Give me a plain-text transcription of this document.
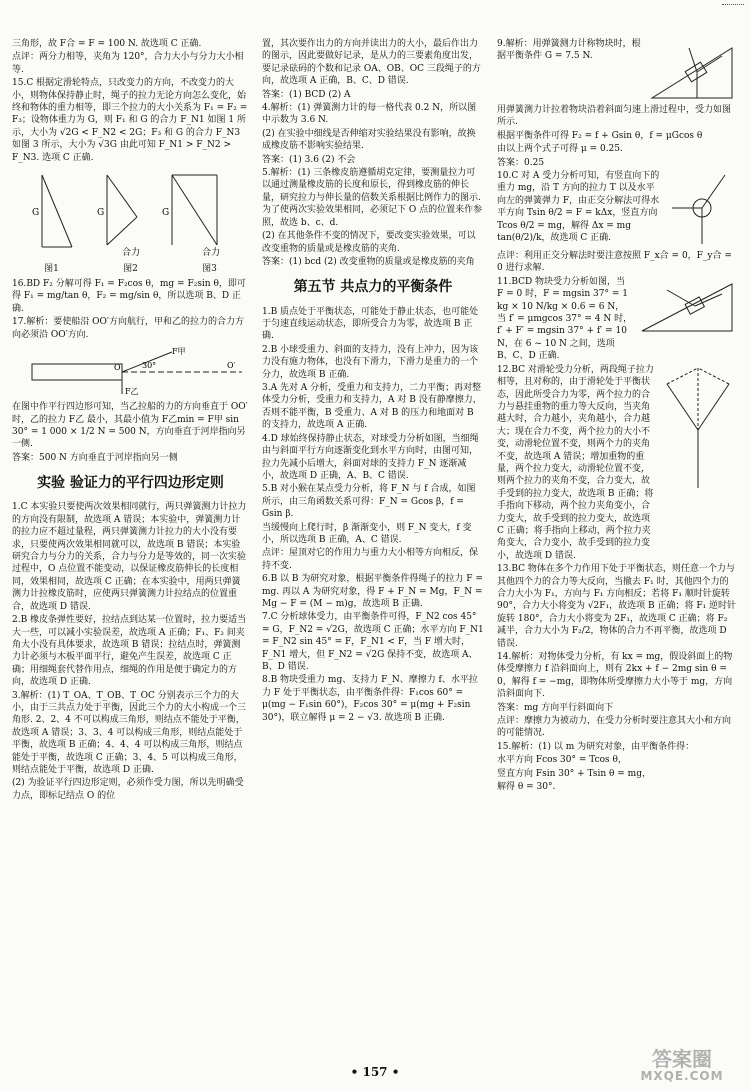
三角形，故 F合 = F = 100 N. 故选项 C 正确.

点评：两分力相等，夹角为 120°，合力大小与分力大小相等.

15.C 根据定滑轮特点，只改变力的方向，不改变力的大小，则物体保持静止时，绳子的拉力无论方向怎么变化，始终和物体的重力相等，即三个拉力的大小关系为 F₁ = F₂ = F₃；设物体重力为 G，则 F₁ 和 G 的合力 F_N1 如图 1 所示，大小为 √2G < F_N2 < 2G；F₃ 和 G 的合力 F_N3 如图 3 所示，大小为 √3G 由此可知 F_N1 > F_N2 > F_N3. 选项 C 正确.

G	G	G
合力	合力
图1	图2	图3

16.BD F₂ 分解可得 F₁ = F₂cos θ，mg = F₂sin θ，即可得 F₁ = mg/tan θ，F₂ = mg/sin θ，所以选项 B、D 正确.

17.解析：要使船沿 OO′方向航行，甲和乙的拉力的合力方向必须沿 OO′方向.

O	O′
F甲
F乙
30°

在图中作平行四边形可知，当乙拉船的力的方向垂直于 OO′时，乙的拉力 F乙 最小，其最小值为 F乙min = F甲 sin 30° = 1 000 × 1/2 N = 500 N，方向垂直于河岸指向另一侧.

答案：500 N 方向垂直于河岸指向另一侧

实验 验证力的平行四边形定则

1.C 本实验只要使两次效果相同就行，两只弹簧测力计拉力的方向没有限制，故选项 A 错误；本实验中，弹簧测力计的拉力应不超过量程，两只弹簧测力计拉力的大小没有要求，只要使两次效果相同就可以，故选项 B 错误；本实验研究合力与分力的关系，合力与分力是等效的，同一次实验过程中，O 点位置不能变动，以保证橡皮筋伸长的长度相同，效果相同，故选项 C 正确；在本实验中，用两只弹簧测力计拉橡皮筋时，应使两只弹簧测力计拉结点的位置重合，故选项 D 错误.

2.B 橡皮条弹性要好，拉结点到达某一位置时，拉力要适当大一些，可以减小实验误差，故选项 A 正确；F₁、F₂ 间夹角大小没有具体要求，故选项 B 错误；拉结点时，弹簧测力计必须与木板平面平行，避免产生误差，故选项 C 正确；用细绳套代替作用点，细绳的作用是便于确定力的方向，故选项 D 正确.

3.解析：(1) T_OA、T_OB、T_OC 分别表示三个力的大小，由于三共点力处于平衡，因此三个力的大小构成一个三角形. 2、2、4 不可以构成三角形，则结点不能处于平衡，故选项 A 错误；3、3、4 可以构成三角形，则结点能处于平衡，故选项 B 正确；4、4、4 可以构成三角形，则结点能处于平衡，故选项 C 正确；3、4、5 可以构成三角形，则结点能处于平衡，故选项 D 正确.

(2) 为验证平行四边形定则，必须作受力图，所以先明确受力点，即标记结点 O 的位

置，其次要作出力的方向并读出力的大小，最后作出力的图示，因此要做好记录，是从力的三要素角度出发，要记录砝码的个数和记录 OA、OB、OC 三段绳子的方向，故选项 A 正确，B、C、D 错误.

答案：(1) BCD (2) A

4.解析：(1) 弹簧测力计的每一格代表 0.2 N，所以图中示数为 3.6 N.

(2) 在实验中细线是否伸缩对实验结果没有影响，故换成橡皮筋不影响实验结果.

答案：(1) 3.6 (2) 不会

5.解析：(1) 三条橡皮筋遵循胡克定律，要测量拉力可以通过测量橡皮筋的长度和原长，得到橡皮筋的伸长量，研究拉力与伸长量的倍数关系根据比例作力的图示. 为了使两次实验效果相同，必须记下 O 点的位置来作参照，故选 b、c、d.

(2) 在其他条件不变的情况下，要改变实验效果，可以改变重物的质量或是橡皮筋的夹角.

答案：(1) bcd (2) 改变重物的质量或是橡皮筋的夹角

第五节 共点力的平衡条件

1.B 质点处于平衡状态，可能处于静止状态，也可能处于匀速直线运动状态，即所受合力为零，故选项 B 正确.

2.B 小球受重力、斜面的支持力，没有上冲力，因为该力没有施力物体，也没有下滑力，下滑力是重力的一个分力，故选项 B 正确.

3.A 先对 A 分析，受重力和支持力，二力平衡；再对整体受力分析，受重力和支持力，A 对 B 没有静摩擦力，否则不能平衡，B 受重力、A 对 B 的压力和地面对 B 的支持力，故选项 A 正确.

4.D 球始终保持静止状态，对球受力分析如图，当细绳由与斜面平行方向逐渐变化到水平方向时，由图可知，拉力先减小后增大，斜面对球的支持力 F_N 逐渐减小，故选项 D 正确，A、B、C 错误.

5.B 对小猴在某点受力分析，将 F_N 与 f 合成，如图所示，由三角函数关系可得：F_N = Gcos β，f = Gsin β.

当缓慢向上爬行时，β 渐渐变小，则 F_N 变大，f 变小，所以选项 B 正确，A、C 错误.

点评：屋顶对它的作用力与重力大小相等方向相反，保持不变.

6.B 以 B 为研究对象，根据平衡条件得绳子的拉力 F = mg. 再以 A 为研究对象，得 F + F_N = Mg，F_N = Mg − F = (M − m)g，故选项 B 正确.

7.C 分析球体受力，由平衡条件可得，F_N2 cos 45° = G，F_N2 = √2G，故选项 C 正确；水平方向 F_N1 = F_N2 sin 45° = F，F_N1 < F，当 F 增大时，F_N1 增大，但 F_N2 = √2G 保持不变，故选项 A、B、D 错误.

8.B 物块受重力 mg、支持力 F_N、摩擦力 f、水平拉力 F 处于平衡状态，由平衡条件得：F₁cos 60° = μ(mg − F₁sin 60°)，F₂cos 30° = μ(mg + F₂sin 30°)，联立解得 μ = 2 − √3. 故选项 B 正确.

9.解析：用弹簧测力计称物块时，根据平衡条件 G = 7.5 N.

用弹簧测力计拉着物块沿着斜面匀速上滑过程中，受力如图所示.

根据平衡条件可得 F₂ = f + Gsin θ，f = μGcos θ

由以上两个式子可得 μ = 0.25.

答案：0.25

10.C 对 A 受力分析可知，有竖直向下的重力 mg，沿 T 方向的拉力 T 以及水平向左的弹簧弹力 F，由正交分解法可得水平方向 Tsin θ/2 = F = kΔx，竖直方向 Tcos θ/2 = mg，解得 Δx = mg tan(θ/2)/k，故选项 C 正确.

点评：利用正交分解法时要注意按照 F_x合 = 0，F_y合 = 0 进行求解.

11.BCD 物块受力分析如图，当 F = 0 时，F = mgsin 37° = 1 kg × 10 N/kg × 0.6 = 6 N，当 f′ = μmgcos 37° = 4 N 时，f′ + F′ = mgsin 37° + f′ = 10 N，在 6 ~ 10 N 之间，选项 B、C、D 正确.

12.BC 对滑轮受力分析，两段绳子拉力相等，且对称的，由于滑轮处于平衡状态，因此所受合力为零，两个拉力的合力与悬挂重物的重力等大反向，当夹角越大时，合力越小，夹角越小，合力越大；现在合力不变，两个拉力的大小不变，动滑轮位置不变，则两个力的夹角不变，故选项 A 错误；增加重物的重量，两个拉力变大，动滑轮位置不变，则两个拉力的夹角不变，合力变大，故手受到的拉力变大，故选项 B 正确；将手指向下移动，两个拉力夹角变小，合力变大，故手受到的拉力变大，故选项 C 正确；将手指向上移动，两个拉力夹角变大，合力变小，故手受到的拉力变小，故选项 D 错误.

13.BC 物体在多个力作用下处于平衡状态，则任意一个力与其他四个力的合力等大反向，当撤去 F₁ 时，其他四个力的合力大小为 F₁，方向与 F₁ 方向相反；若将 F₁ 顺时针旋转 90°，合力大小将变为 √2F₁，故选项 B 正确；将 F₁ 逆时针旋转 180°，合力大小将变为 2F₁，故选项 C 正确；将 F₂ 减半，合力大小为 F₂/2，物体的合力不再平衡，故选项 D 错误.

14.解析：对物体受力分析，有 kx = mg，假设斜面上的物体受摩擦力 f 沿斜面向上，则有 2kx + f − 2mg sin θ = 0，解得 f = −mg，即物体所受摩擦力大小等于 mg，方向沿斜面向下.

答案：mg 方向平行斜面向下

点评：摩擦力为被动力，在受力分析时要注意其大小和方向的可能情况.

15.解析：(1) 以 m 为研究对象，由平衡条件得：

水平方向 Fcos 30° = Tcos θ，

竖直方向 Fsin 30° + Tsin θ = mg，

解得 θ = 30°.

• 157 •
答案圈
MXQE.COM
